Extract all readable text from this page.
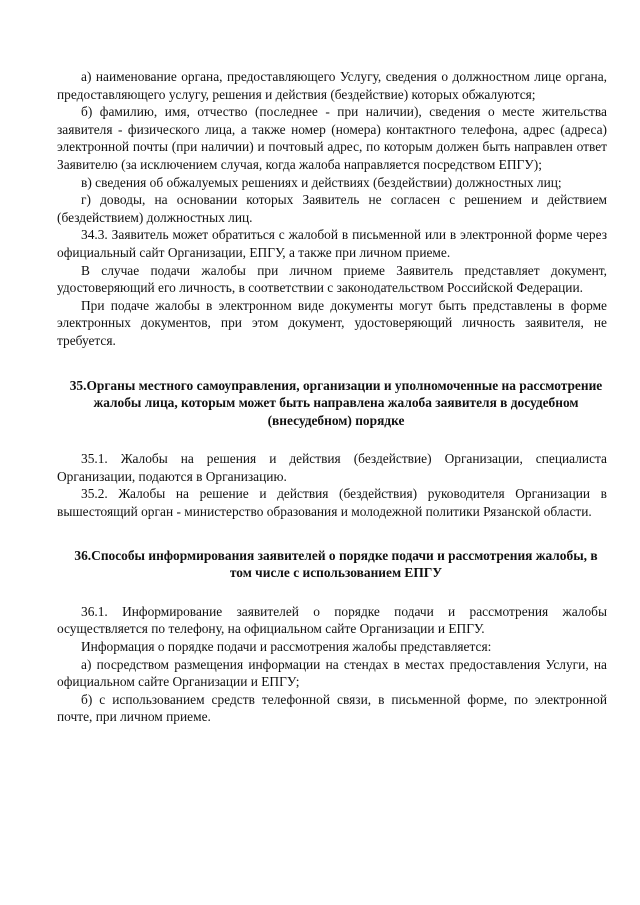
а) наименование органа, предоставляющего Услугу, сведения о должностном лице органа, предоставляющего услугу, решения и действия (бездействие) которых обжалуются;

б) фамилию, имя, отчество (последнее - при наличии), сведения о месте жительства заявителя - физического лица, а также номер (номера) контактного телефона, адрес (адреса) электронной почты (при наличии) и почтовый адрес, по которым должен быть направлен ответ Заявителю (за исключением случая, когда жалоба направляется посредством ЕПГУ);

в) сведения об обжалуемых решениях и действиях (бездействии) должностных лиц;

г) доводы, на основании которых Заявитель не согласен с решением и действием (бездействием) должностных лиц.

34.3. Заявитель может обратиться с жалобой в письменной или в электронной форме через официальный сайт Организации, ЕПГУ, а также при личном приеме.

В случае подачи жалобы при личном приеме Заявитель представляет документ, удостоверяющий его личность, в соответствии с законодательством Российской Федерации.

При подаче жалобы в электронном виде документы могут быть представлены в форме электронных документов, при этом документ, удостоверяющий личность заявителя, не требуется.

35.Органы местного самоуправления, организации и уполномоченные на рассмотрение жалобы лица, которым может быть направлена жалоба заявителя в досудебном (внесудебном) порядке

35.1. Жалобы на решения и действия (бездействие) Организации, специалиста Организации, подаются в Организацию.

35.2. Жалобы на решение и действия (бездействия) руководителя Организации в вышестоящий орган - министерство образования и молодежной политики Рязанской области.

36.Способы информирования заявителей о порядке подачи и рассмотрения жалобы, в том числе с использованием ЕПГУ

36.1. Информирование заявителей о порядке подачи и рассмотрения жалобы осуществляется по телефону, на официальном сайте Организации и ЕПГУ.

Информация о порядке подачи и рассмотрения жалобы представляется:

а) посредством размещения информации на стендах в местах предоставления Услуги, на официальном сайте Организации и ЕПГУ;

б) с использованием средств телефонной связи, в письменной форме, по электронной почте, при личном приеме.
